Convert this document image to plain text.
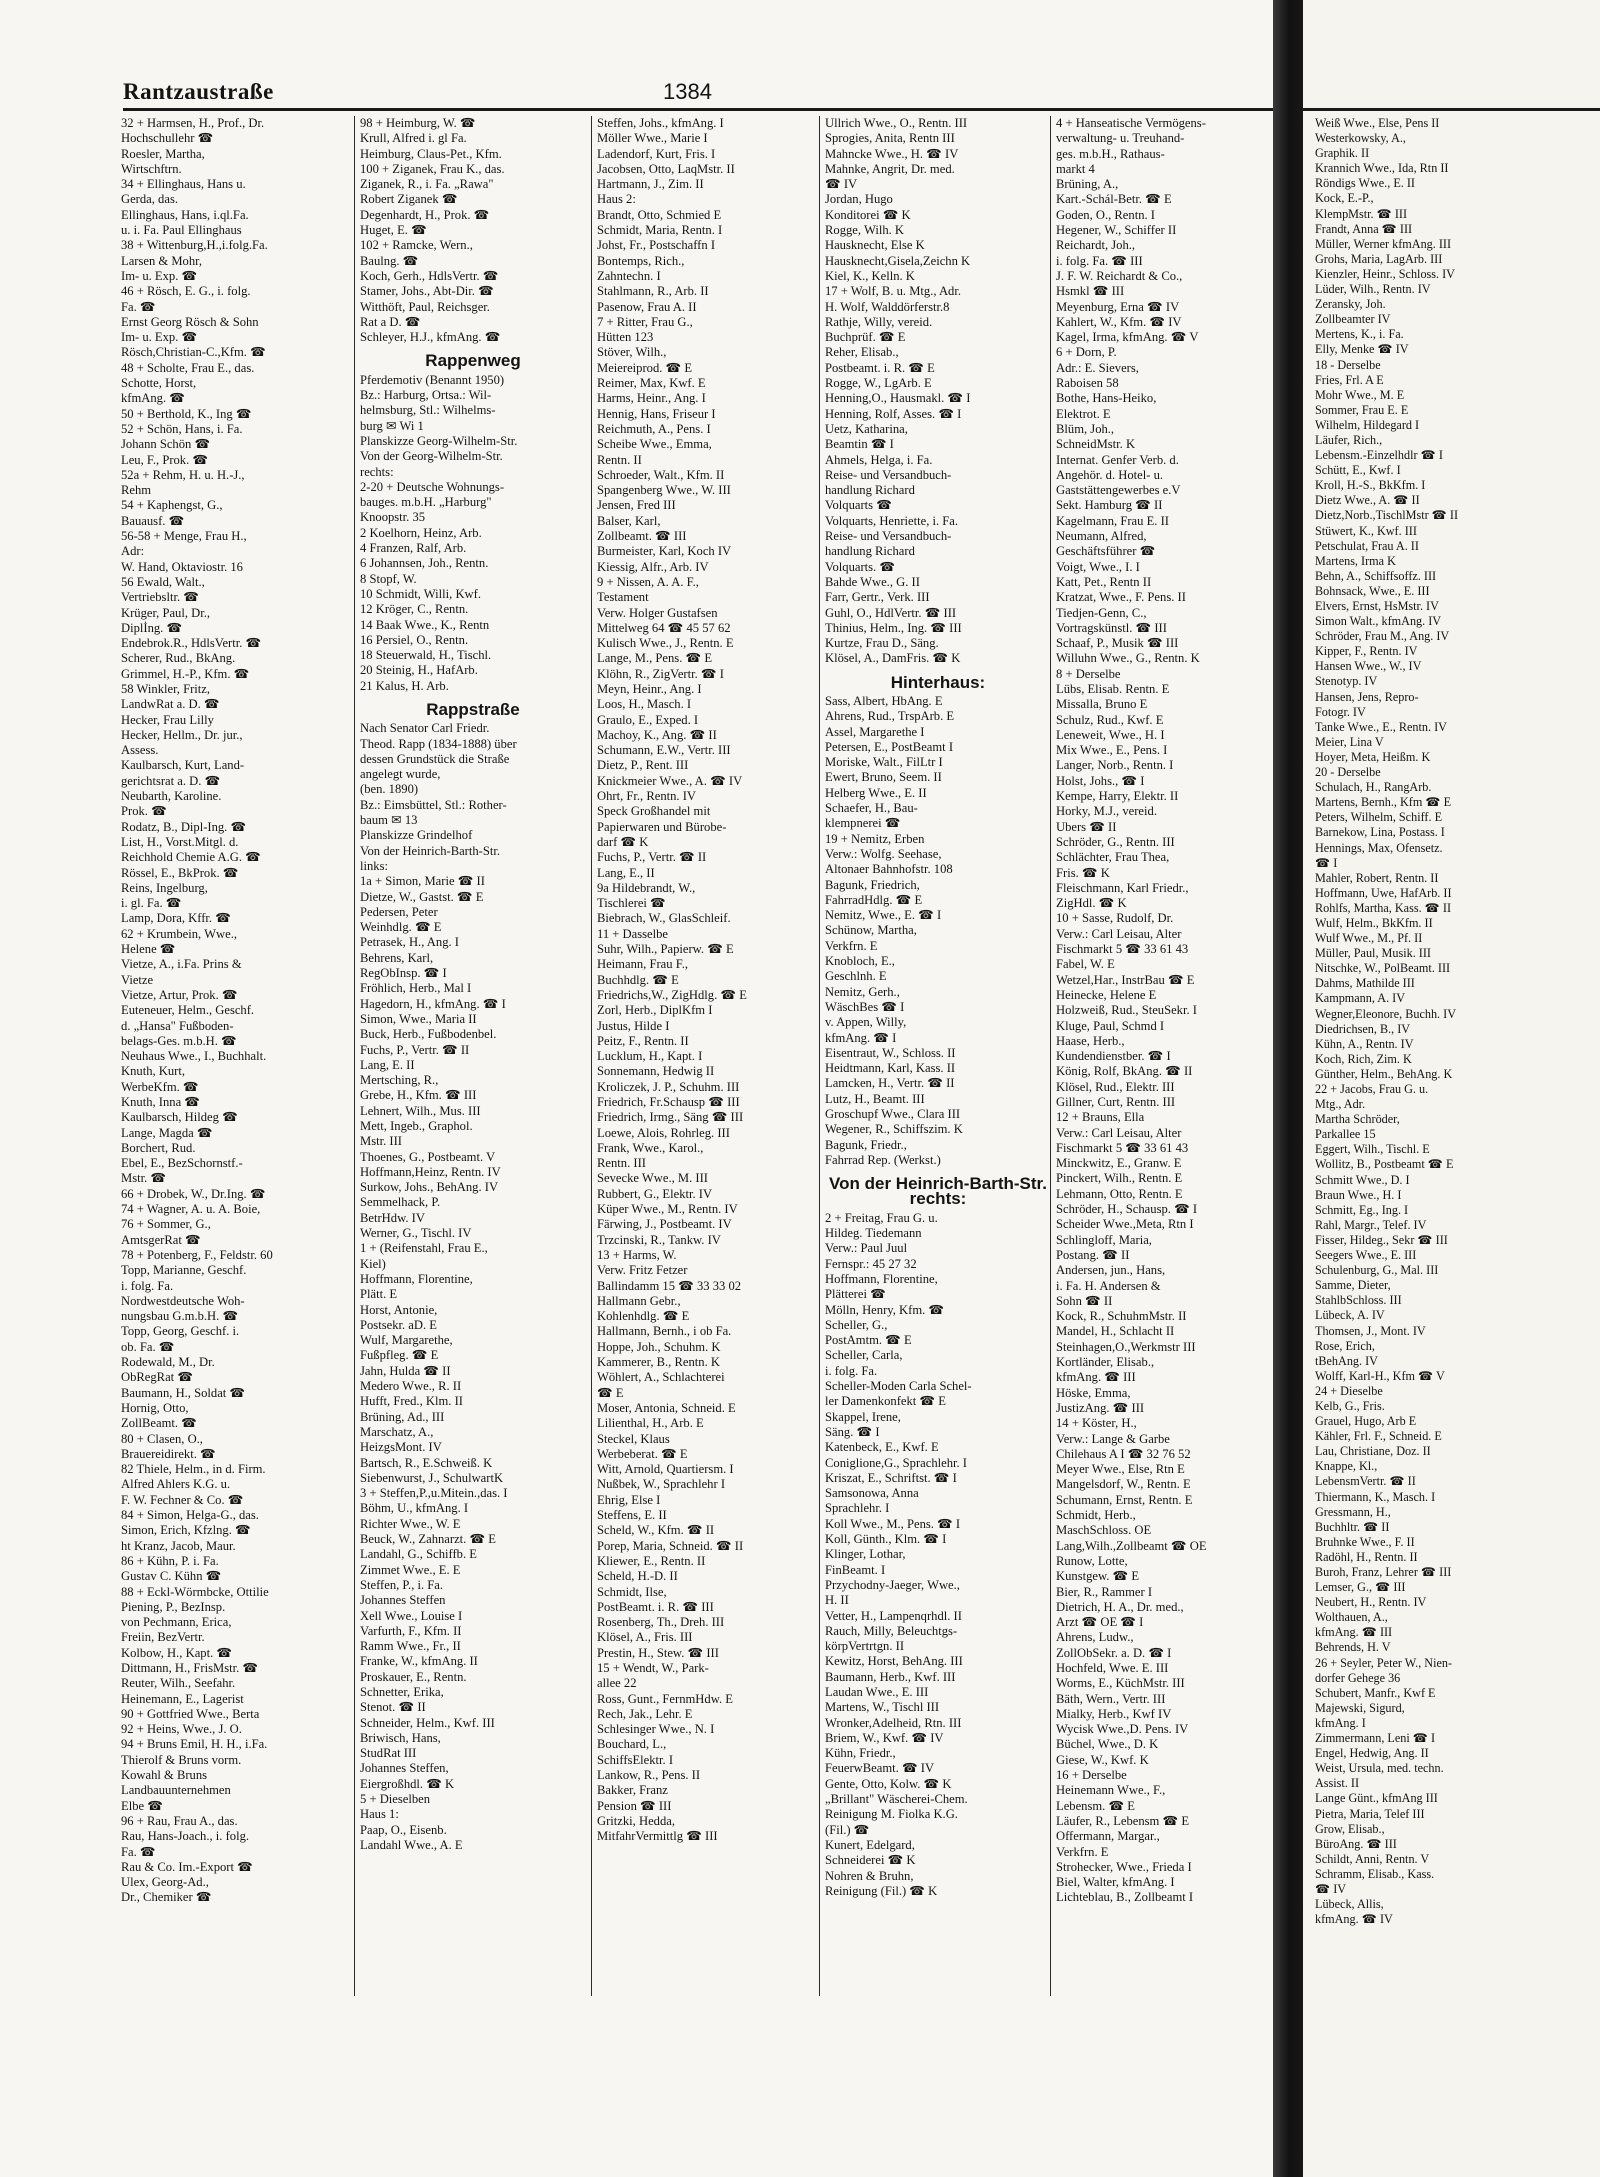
Rantzaustraße	1384
32 + Harmsen, H., Prof., Dr.
Hochschullehr ☎
Roesler, Martha,
Wirtschftrn.
34 + Ellinghaus, Hans u.
Gerda, das.
Ellinghaus, Hans, i.ql.Fa.
u. i. Fa. Paul Ellinghaus
38 + Wittenburg,H.,i.folg.Fa.
Larsen & Mohr,
Im- u. Exp. ☎
46 + Rösch, E. G., i. folg.
Fa. ☎
Ernst Georg Rösch & Sohn
Im- u. Exp. ☎
Rösch,Christian-C.,Kfm. ☎
48 + Scholte, Frau E., das.
Schotte, Horst,
kfmAng. ☎
50 + Berthold, K., Ing ☎
52 + Schön, Hans, i. Fa.
Johann Schön ☎
Leu, F., Prok. ☎
52a + Rehm, H. u. H.-J.,
Rehm
54 + Kaphengst, G.,
Bauausf. ☎
56-58 + Menge, Frau H.,
Adr:
W. Hand, Oktaviostr. 16
56 Ewald, Walt.,
Vertriebsltr. ☎
Krüger, Paul, Dr.,
Diplİng. ☎
Endebrok.R., HdlsVertr. ☎
Scherer, Rud., BkAng.
Grimmel, H.-P., Kfm. ☎
58 Winkler, Fritz,
LandwRat a. D. ☎
Hecker, Frau Lilly
Hecker, Hellm., Dr. jur.,
Assess.
Kaulbarsch, Kurt, Land-
gerichtsrat a. D. ☎
Neubarth, Karoline.
Prok. ☎
Rodatz, B., Dipl-Ing. ☎
List, H., Vorst.Mitgl. d.
Reichhold Chemie A.G. ☎
Rössel, E., BkProk. ☎
Reins, Ingelburg,
i. gl. Fa. ☎
Lamp, Dora, Kffr. ☎
62 + Krumbein, Wwe.,
Helene ☎
Vietze, A., i.Fa. Prins &
Vietze
Vietze, Artur, Prok. ☎
Euteneuer, Helm., Geschf.
d. „Hansa" Fußboden-
belags-Ges. m.b.H. ☎
Neuhaus Wwe., I., Buchhalt.
Knuth, Kurt,
WerbeKfm. ☎
Knuth, Inna ☎
Kaulbarsch, Hildeg ☎
Lange, Magda ☎
Borchert, Rud.
Ebel, E., BezSchornstf.-
Mstr. ☎
66 + Drobek, W., Dr.Ing. ☎
74 + Wagner, A. u. A. Boie,
76 + Sommer, G.,
AmtsgerRat ☎
78 + Potenberg, F., Feldstr. 60
Topp, Marianne, Geschf.
i. folg. Fa.
Nordwestdeutsche Woh-
nungsbau G.m.b.H. ☎
Topp, Georg, Geschf. i.
ob. Fa. ☎
Rodewald, M., Dr.
ObRegRat ☎
Baumann, H., Soldat ☎
Hornig, Otto,
ZollBeamt. ☎
80 + Clasen, O.,
Brauereidirekt. ☎
82 Thiele, Helm., in d. Firm.
Alfred Ahlers K.G. u.
F. W. Fechner & Co. ☎
84 + Simon, Helga-G., das.
Simon, Erich, Kfzlng. ☎
ht Kranz, Jacob, Maur.
86 + Kühn, P. i. Fa.
Gustav C. Kühn ☎
88 + Eckl-Wörmbcke, Ottilie
Piening, P., BezInsp.
von Pechmann, Erica,
Freiin, BezVertr.
Kolbow, H., Kapt. ☎
Dittmann, H., FrisMstr. ☎
Reuter, Wilh., Seefahr.
Heinemann, E., Lagerist
90 + Gottfried Wwe., Berta
92 + Heins, Wwe., J. O.
94 + Bruns Emil, H. H., i.Fa.
Thierolf & Bruns vorm.
Kowahl & Bruns
Landbauunternehmen
Elbe ☎
96 + Rau, Frau A., das.
Rau, Hans-Joach., i. folg.
Fa. ☎
Rau & Co. Im.-Export ☎
Ulex, Georg-Ad.,
Dr., Chemiker ☎
98 + Heimburg, W. ☎
Krull, Alfred i. gl Fa.
Heimburg, Claus-Pet., Kfm.
100 + Ziganek, Frau K., das.
Ziganek, R., i. Fa. „Rawa"
Robert Ziganek ☎
Degenhardt, H., Prok. ☎
Huget, E. ☎
102 + Ramcke, Wern.,
Baulng. ☎
Koch, Gerh., HdlsVertr. ☎
Stamer, Johs., Abt-Dir. ☎
Witthöft, Paul, Reichsger.
Rat a D. ☎
Schleyer, H.J., kfmAng. ☎
Rappenweg
Pferdemotiv (Benannt 1950)
Bz.: Harburg, Ortsa.: Wil-
helmsburg, Stl.: Wilhelms-
burg ✉ Wi 1
Planskizze Georg-Wilhelm-Str.
Von der Georg-Wilhelm-Str.
rechts:
2-20 + Deutsche Wohnungs-
bauges. m.b.H. „Harburg"
Knoopstr. 35
2 Koelhorn, Heinz, Arb.
4 Franzen, Ralf, Arb.
6 Johannsen, Joh., Rentn.
8 Stopf, W.
10 Schmidt, Willi, Kwf.
12 Kröger, C., Rentn.
14 Baak Wwe., K., Rentn
16 Persiel, O., Rentn.
18 Steuerwald, H., Tischl.
20 Steinig, H., HafArb.
21 Kalus, H. Arb.
Rappstraße
Nach Senator Carl Friedr.
Theod. Rapp (1834-1888) über
dessen Grundstück die Straße
angelegt wurde,
(ben. 1890)
Bz.: Eimsbüttel, Stl.: Rother-
baum ✉ 13
Planskizze Grindelhof
Von der Heinrich-Barth-Str.
links:
1a + Simon, Marie ☎ II
Dietze, W., Gastst. ☎ E
Pedersen, Peter
Weinhdlg. ☎ E
Petrasek, H., Ang. I
Behrens, Karl,
RegObInsp. ☎ I
Fröhlich, Herb., Mal I
Hagedorn, H., kfmAng. ☎ I
Simon, Wwe., Maria II
Buck, Herb., Fußbodenbel.
Fuchs, P., Vertr. ☎ II
Lang, E. II
Mertsching, R.,
Grebe, H., Kfm. ☎ III
Lehnert, Wilh., Mus. III
Mett, Ingeb., Graphol.
Mstr. III
Thoenes, G., Postbeamt. V
Hoffmann,Heinz, Rentn. IV
Surkow, Johs., BehAng. IV
Semmelhack, P.
BetrHdw. IV
Werner, G., Tischl. IV
1 + (Reifenstahl, Frau E.,
Kiel)
Hoffmann, Florentine,
Plätt. E
Horst, Antonie,
Postsekr. aD. E
Wulf, Margarethe,
Fußpfleg. ☎ E
Jahn, Hulda ☎ II
Medero Wwe., R. II
Hufft, Fred., Klm. II
Brüning, Ad., III
Marschatz, A.,
HeizgsMont. IV
Bartsch, R., E.Schweiß. K
Siebenwurst, J., SchulwartK
3 + Steffen,P.,u.Mitein.,das. I
Böhm, U., kfmAng. I
Richter Wwe., W. E
Beuck, W., Zahnarzt. ☎ E
Landahl, G., Schiffb. E
Zimmet Wwe., E. E
Steffen, P., i. Fa.
Johannes Steffen
Xell Wwe., Louise I
Varfurth, F., Kfm. II
Ramm Wwe., Fr., II
Franke, W., kfmAng. II
Proskauer, E., Rentn.
Schnetter, Erika,
Stenot. ☎ II
Schneider, Helm., Kwf. III
Briwisch, Hans,
StudRat III
Johannes Steffen,
Eiergroßhdl. ☎ K
5 + Dieselben
Haus 1:
Paap, O., Eisenb.
Landahl Wwe., A. E
Steffen, Johs., kfmAng. I
Möller Wwe., Marie I
Ladendorf, Kurt, Fris. I
Jacobsen, Otto, LaqMstr. II
Hartmann, J., Zim. II
Haus 2:
Brandt, Otto, Schmied E
Schmidt, Maria, Rentn. I
Johst, Fr., Postschaffn I
Bontemps, Rich.,
Zahntechn. I
Stahlmann, R., Arb. II
Pasenow, Frau A. II
7 + Ritter, Frau G.,
Hütten 123
Stöver, Wilh.,
Meiereiprod. ☎ E
Reimer, Max, Kwf. E
Harms, Heinr., Ang. I
Hennig, Hans, Friseur I
Reichmuth, A., Pens. I
Scheibe Wwe., Emma,
Rentn. II
Schroeder, Walt., Kfm. II
Spangenberg Wwe., W. III
Jensen, Fred III
Balser, Karl,
Zollbeamt. ☎ III
Burmeister, Karl, Koch IV
Kiessig, Alfr., Arb. IV
9 + Nissen, A. A. F.,
Testament
Verw. Holger Gustafsen
Mittelweg 64 ☎ 45 57 62
Kulisch Wwe., J., Rentn. E
Lange, M., Pens. ☎ E
Klöhn, R., ZigVertr. ☎ I
Meyn, Heinr., Ang. I
Loos, H., Masch. I
Graulo, E., Exped. I
Machoy, K., Ang. ☎ II
Schumann, E.W., Vertr. III
Dietz, P., Rent. III
Knickmeier Wwe., A. ☎ IV
Ohrt, Fr., Rentn. IV
Speck Großhandel mit
Papierwaren und Bürobe-
darf ☎ K
Fuchs, P., Vertr. ☎ II
Lang, E., II
9a Hildebrandt, W.,
Tischlerei ☎
Biebrach, W., GlasSchleif.
11 + Dasselbe
Suhr, Wilh., Papierw. ☎ E
Heimann, Frau F.,
Buchhdlg. ☎ E
Friedrichs,W., ZigHdlg. ☎ E
Zorl, Herb., DiplKfm I
Justus, Hilde I
Peitz, F., Rentn. II
Lucklum, H., Kapt. I
Sonnemann, Hedwig II
Kroliczek, J. P., Schuhm. III
Friedrich, Fr.Schausp ☎ III
Friedrich, Irmg., Säng ☎ III
Loewe, Alois, Rohrleg. III
Frank, Wwe., Karol.,
Rentn. III
Sevecke Wwe., M. III
Rubbert, G., Elektr. IV
Küper Wwe., M., Rentn. IV
Färwing, J., Postbeamt. IV
Trzcinski, R., Tankw. IV
13 + Harms, W.
Verw. Fritz Fetzer
Ballindamm 15 ☎ 33 33 02
Hallmann Gebr.,
Kohlenhdlg. ☎ E
Hallmann, Bernh., i ob Fa.
Hoppe, Joh., Schuhm. K
Kammerer, B., Rentn. K
Wöhlert, A., Schlachterei
☎ E
Moser, Antonia, Schneid. E
Lilienthal, H., Arb. E
Steckel, Klaus
Werbeberat. ☎ E
Witt, Arnold, Quartiersm. I
Nußbek, W., Sprachlehr I
Ehrig, Else I
Steffens, E. II
Scheld, W., Kfm. ☎ II
Porep, Maria, Schneid. ☎ II
Kliewer, E., Rentn. II
Scheld, H.-D. II
Schmidt, Ilse,
PostBeamt. i. R. ☎ III
Rosenberg, Th., Dreh. III
Klösel, A., Fris. III
Prestin, H., Stew. ☎ III
15 + Wendt, W., Park-
allee 22
Ross, Gunt., FernmHdw. E
Rech, Jak., Lehr. E
Schlesinger Wwe., N. I
Bouchard, L.,
SchiffsElektr. I
Lankow, R., Pens. II
Bakker, Franz
Pension ☎ III
Gritzki, Hedda,
MitfahrVermittlg ☎ III
Ullrich Wwe., O., Rentn. III
Sprogies, Anita, Rentn III
Mahncke Wwe., H. ☎ IV
Mahnke, Angrit, Dr. med.
☎ IV
Jordan, Hugo
Konditorei ☎ K
Rogge, Wilh. K
Hausknecht, Else K
Hausknecht,Gisela,Zeichn K
Kiel, K., Kelln. K
17 + Wolf, B. u. Mtg., Adr.
H. Wolf, Walddörferstr.8
Rathje, Willy, vereid.
Buchprüf. ☎ E
Reher, Elisab.,
Postbeamt. i. R. ☎ E
Rogge, W., LgArb. E
Henning,O., Hausmakl. ☎ I
Henning, Rolf, Asses. ☎ I
Uetz, Katharina,
Beamtin ☎ I
Ahmels, Helga, i. Fa.
Reise- und Versandbuch-
handlung Richard
Volquarts ☎
Volquarts, Henriette, i. Fa.
Reise- und Versandbuch-
handlung Richard
Volquarts. ☎
Bahde Wwe., G. II
Farr, Gertr., Verk. III
Guhl, O., HdlVertr. ☎ III
Thinius, Helm., Ing. ☎ III
Kurtze, Frau D., Säng.
Klösel, A., DamFris. ☎ K
Hinterhaus:
Sass, Albert, HbAng. E
Ahrens, Rud., TrspArb. E
Assel, Margarethe I
Petersen, E., PostBeamt I
Moriske, Walt., FilLtr I
Ewert, Bruno, Seem. II
Helberg Wwe., E. II
Schaefer, H., Bau-
klempnerei ☎
19 + Nemitz, Erben
Verw.: Wolfg. Seehase,
Altonaer Bahnhofstr. 108
Bagunk, Friedrich,
FahrradHdlg. ☎ E
Nemitz, Wwe., E. ☎ I
Schünow, Martha,
Verkfrn. E
Knobloch, E.,
Geschlnh. E
Nemitz, Gerh.,
WäschBes ☎ I
v. Appen, Willy,
kfmAng. ☎ I
Eisentraut, W., Schloss. II
Heidtmann, Karl, Kass. II
Lamcken, H., Vertr. ☎ II
Lutz, H., Beamt. III
Groschupf Wwe., Clara III
Wegener, R., Schiffszim. K
Bagunk, Friedr.,
Fahrrad Rep. (Werkst.)
Von der Heinrich-Barth-Str. rechts:
2 + Freitag, Frau G. u.
Hildeg. Tiedemann
Verw.: Paul Juul
Fernspr.: 45 27 32
Hoffmann, Florentine,
Plätterei ☎
Mölln, Henry, Kfm. ☎
Scheller, G.,
PostAmtm. ☎ E
Scheller, Carla,
i. folg. Fa.
Scheller-Moden Carla Schel-
ler Damenkonfekt ☎ E
Skappel, Irene,
Säng. ☎ I
Katenbeck, E., Kwf. E
Coniglione,G., Sprachlehr. I
Kriszat, E., Schriftst. ☎ I
Samsonowa, Anna
Sprachlehr. I
Koll Wwe., M., Pens. ☎ I
Koll, Günth., Klm. ☎ I
Klinger, Lothar,
FinBeamt. I
Przychodny-Jaeger, Wwe.,
H. II
Vetter, H., Lampenqrhdl. II
Rauch, Milly, Beleuchtgs-
körpVertrtgn. II
Kewitz, Horst, BehAng. III
Baumann, Herb., Kwf. III
Laudan Wwe., E. III
Martens, W., Tischl III
Wronker,Adelheid, Rtn. III
Briem, W., Kwf. ☎ IV
Kühn, Friedr.,
FeuerwBeamt. ☎ IV
Gente, Otto, Kolw. ☎ K
„Brillant" Wäscherei-Chem.
Reinigung M. Fiolka K.G.
(Fil.) ☎
Kunert, Edelgard,
Schneiderei ☎ K
Nohren & Bruhn,
Reinigung (Fil.) ☎ K
4 + Hanseatische Vermögens-
verwaltung- u. Treuhand-
ges. m.b.H., Rathaus-
markt 4
Brüning, A.,
Kart.-Schál-Betr. ☎ E
Goden, O., Rentn. I
Hegener, W., Schiffer II
Reichardt, Joh.,
i. folg. Fa. ☎ III
J. F. W. Reichardt & Co.,
Hsmkl ☎ III
Meyenburg, Erna ☎ IV
Kahlert, W., Kfm. ☎ IV
Kagel, Irma, kfmAng. ☎ V
6 + Dorn, P.
Adr.: E. Sievers,
Raboisen 58
Bothe, Hans-Heiko,
Elektrot. E
Blüm, Joh.,
SchneidMstr. K
Internat. Genfer Verb. d.
Angehör. d. Hotel- u.
Gaststättengewerbes e.V
Sekt. Hamburg ☎ II
Kagelmann, Frau E. II
Neumann, Alfred,
Geschäftsführer ☎
Voigt, Wwe., I. I
Katt, Pet., Rentn II
Kratzat, Wwe., F. Pens. II
Tiedjen-Genn, C.,
Vortragskünstl. ☎ III
Schaaf, P., Musik ☎ III
Willuhn Wwe., G., Rentn. K
8 + Derselbe
Lübs, Elisab. Rentn. E
Missalla, Bruno E
Schulz, Rud., Kwf. E
Leneweit, Wwe., H. I
Mix Wwe., E., Pens. I
Langer, Norb., Rentn. I
Holst, Johs., ☎ I
Kempe, Harry, Elektr. II
Horky, M.J., vereid.
Ubers ☎ II
Schröder, G., Rentn. III
Schlächter, Frau Thea,
Fris. ☎ K
Fleischmann, Karl Friedr.,
ZigHdl. ☎ K
10 + Sasse, Rudolf, Dr.
Verw.: Carl Leisau, Alter
Fischmarkt 5 ☎ 33 61 43
Fabel, W. E
Wetzel,Har., InstrBau ☎ E
Heinecke, Helene E
Holzweiß, Rud., SteuSekr. I
Kluge, Paul, Schmd I
Haase, Herb.,
Kundendienstber. ☎ I
König, Rolf, BkAng. ☎ II
Klösel, Rud., Elektr. III
Gillner, Curt, Rentn. III
12 + Brauns, Ella
Verw.: Carl Leisau, Alter
Fischmarkt 5 ☎ 33 61 43
Minckwitz, E., Granw. E
Pinckert, Wilh., Rentn. E
Lehmann, Otto, Rentn. E
Schröder, H., Schausp. ☎ I
Scheider Wwe.,Meta, Rtn I
Schlingloff, Maria,
Postang. ☎ II
Andersen, jun., Hans,
i. Fa. H. Andersen &
Sohn ☎ II
Kock, R., SchuhmMstr. II
Mandel, H., Schlacht II
Steinhagen,O.,Werkmstr III
Kortländer, Elisab.,
kfmAng. ☎ III
Höske, Emma,
JustizAng. ☎ III
14 + Köster, H.,
Verw.: Lange & Garbe
Chilehaus A I ☎ 32 76 52
Meyer Wwe., Else, Rtn E
Mangelsdorf, W., Rentn. E
Schumann, Ernst, Rentn. E
Schmidt, Herb.,
MaschSchloss. OE
Lang,Wilh.,Zollbeamt ☎ OE
Runow, Lotte,
Kunstgew. ☎ E
Bier, R., Rammer I
Dietrich, H. A., Dr. med.,
Arzt ☎ OE ☎ I
Ahrens, Ludw.,
ZollObSekr. a. D. ☎ I
Hochfeld, Wwe. E. III
Worms, E., KüchMstr. III
Bäth, Wern., Vertr. III
Mialky, Herb., Kwf IV
Wycisk Wwe.,D. Pens. IV
Büchel, Wwe., D. K
Giese, W., Kwf. K
16 + Derselbe
Heinemann Wwe., F.,
Lebensm. ☎ E
Läufer, R., Lebensm ☎ E
Offermann, Margar.,
Verkfrn. E
Strohecker, Wwe., Frieda I
Biel, Walter, kfmAng. I
Lichteblau, B., Zollbeamt I
Weiß Wwe., Else, Pens II
Westerkowsky, A.,
Graphik. II
Krannich Wwe., Ida, Rtn II
Röndigs Wwe., E. II
Kock, E.-P.,
KlempMstr. ☎ III
Frandt, Anna ☎ III
Müller, Werner kfmAng. III
Grohs, Maria, LagArb. III
Kienzler, Heinr., Schloss. IV
Lüder, Wilh., Rentn. IV
Zeransky, Joh.
Zollbeamter IV
Mertens, K., i. Fa.
Elly, Menke ☎ IV
18 - Derselbe
Fries, Frl. A E
Mohr Wwe., M. E
Sommer, Frau E. E
Wilhelm, Hildegard I
Läufer, Rich.,
Lebensm.-Einzelhdlr ☎ I
Schütt, E., Kwf. I
Kroll, H.-S., BkKfm. I
Dietz Wwe., A. ☎ II
Dietz,Norb.,TischlMstr ☎ II
Stüwert, K., Kwf. III
Petschulat, Frau A. II
Martens, Irma K
Behn, A., Schiffsoffz. III
Bohnsack, Wwe., E. III
Elvers, Ernst, HsMstr. IV
Simon Walt., kfmAng. IV
Schröder, Frau M., Ang. IV
Kipper, F., Rentn. IV
Hansen Wwe., W., IV
Stenotyp. IV
Hansen, Jens, Repro-
Fotogr. IV
Tanke Wwe., E., Rentn. IV
Meier, Lina V
Hoyer, Meta, Heißm. K
20 - Derselbe
Schulach, H., RangArb.
Martens, Bernh., Kfm ☎ E
Peters, Wilhelm, Schiff. E
Barnekow, Lina, Postass. I
Hennings, Max, Ofensetz.
☎ I
Mahler, Robert, Rentn. II
Hoffmann, Uwe, HafArb. II
Rohlfs, Martha, Kass. ☎ II
Wulf, Helm., BkKfm. II
Wulf Wwe., M., Pf. II
Müller, Paul, Musik. III
Nitschke, W., PolBeamt. III
Dahms, Mathilde III
Kampmann, A. IV
Wegner,Eleonore, Buchh. IV
Diedrichsen, B., IV
Kühn, A., Rentn. IV
Koch, Rich, Zim. K
Günther, Helm., BehAng. K
22 + Jacobs, Frau G. u.
Mtg., Adr.
Martha Schröder,
Parkallee 15
Eggert, Wilh., Tischl. E
Wollitz, B., Postbeamt ☎ E
Schmitt Wwe., D. I
Braun Wwe., H. I
Schmitt, Eg., Ing. I
Rahl, Margr., Telef. IV
Fisser, Hildeg., Sekr ☎ III
Seegers Wwe., E. III
Schulenburg, G., Mal. III
Samme, Dieter,
StahlbSchloss. III
Lübeck, A. IV
Thomsen, J., Mont. IV
Rose, Erich,
tBehAng. IV
Wolff, Karl-H., Kfm ☎ V
24 + Dieselbe
Kelb, G., Fris.
Grauel, Hugo, Arb E
Kähler, Frl. F., Schneid. E
Lau, Christiane, Doz. II
Knappe, Kl.,
LebensmVertr. ☎ II
Thiermann, K., Masch. I
Gressmann, H.,
Buchhltr. ☎ II
Bruhnke Wwe., F. II
Radöhl, H., Rentn. II
Buroh, Franz, Lehrer ☎ III
Lemser, G., ☎ III
Neubert, H., Rentn. IV
Wolthauen, A.,
kfmAng. ☎ III
Behrends, H. V
26 + Seyler, Peter W., Nien-
dorfer Gehege 36
Schubert, Manfr., Kwf E
Majewski, Sigurd,
kfmAng. I
Zimmermann, Leni ☎ I
Engel, Hedwig, Ang. II
Weist, Ursula, med. techn.
Assist. II
Lange Günt., kfmAng III
Pietra, Maria, Telef III
Grow, Elisab.,
BüroAng. ☎ III
Schildt, Anni, Rentn. V
Schramm, Elisab., Kass.
☎ IV
Lübeck, Allis,
kfmAng. ☎ IV
